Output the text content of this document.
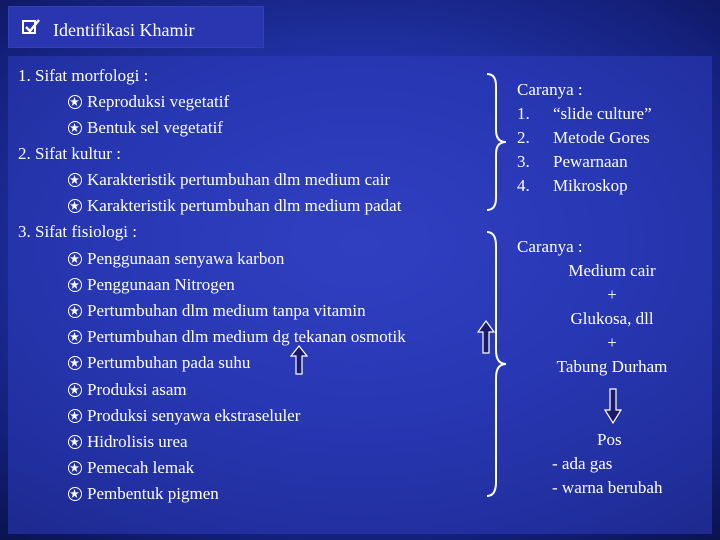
Identifikasi Khamir
1. Sifat morfologi :
Reproduksi vegetatif
Bentuk sel vegetatif
2. Sifat kultur :
Karakteristik pertumbuhan dlm medium cair
Karakteristik pertumbuhan dlm medium padat
3. Sifat fisiologi :
Penggunaan senyawa karbon
Penggunaan Nitrogen
Pertumbuhan dlm medium tanpa vitamin
Pertumbuhan dlm medium dg tekanan osmotik
Pertumbuhan pada suhu
Produksi asam
Produksi senyawa ekstraseluler
Hidrolisis urea
Pemecah lemak
Pembentuk pigmen
Caranya :
1. “slide culture”
2. Metode Gores
3. Pewarnaan
4. Mikroskop
Caranya :
Medium cair
+
Glukosa, dll
+
Tabung Durham
Pos
- ada gas
- warna berubah
